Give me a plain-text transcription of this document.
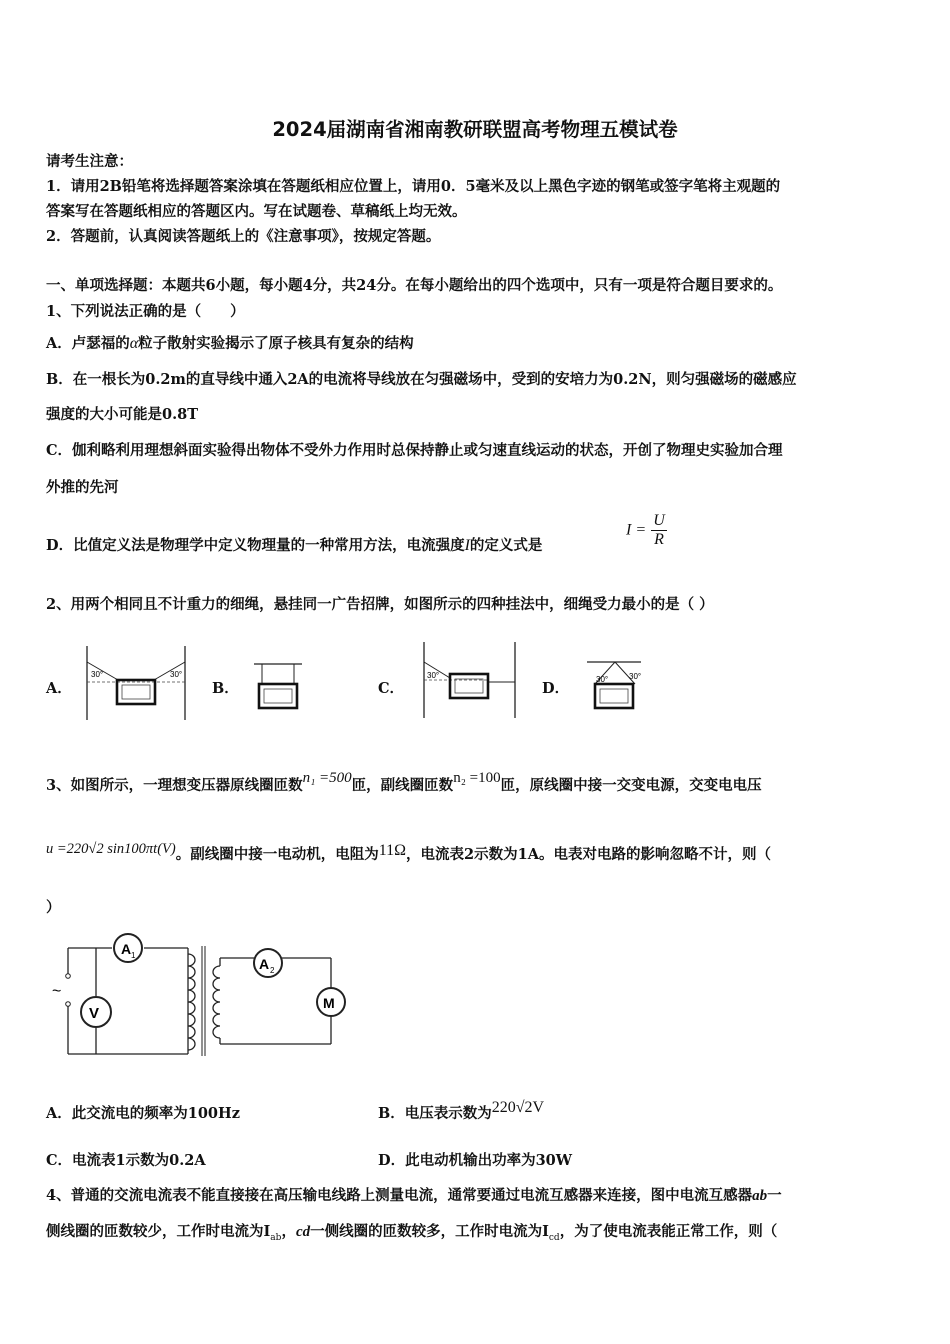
2024届湖南省湘南教研联盟高考物理五模试卷
请考生注意：
1．请用2B铅笔将选择题答案涂填在答题纸相应位置上，请用0．5毫米及以上黑色字迹的钢笔或签字笔将主观题的
答案写在答题纸相应的答题区内。写在试题卷、草稿纸上均无效。
2．答题前，认真阅读答题纸上的《注意事项》，按规定答题。
一、单项选择题：本题共6小题，每小题4分，共24分。在每小题给出的四个选项中，只有一项是符合题目要求的。
1、下列说法正确的是（　　）
A．卢瑟福的α粒子散射实验揭示了原子核具有复杂的结构
B．在一根长为0.2m的直导线中通入2A的电流将导线放在匀强磁场中，受到的安培力为0.2N，则匀强磁场的磁感应
强度的大小可能是0.8T
C．伽利略利用理想斜面实验得出物体不受外力作用时总保持静止或匀速直线运动的状态，开创了物理史实验加合理
外推的先河
D．比值定义法是物理学中定义物理量的一种常用方法，电流强度I的定义式是
$I = \frac{U}{R}$
2、用两个相同且不计重力的细绳，悬挂同一广告招牌，如图所示的四种挂法中，细绳受力最小的是（ ）
A．	B．	C．	D．
30°	30°	30°	30°	30°
3、如图所示，一理想变压器原线圈匝数n₁ =500匝，副线圈匝数n₂ =100匝，原线圈中接一交变电源，交变电电压
u =220√2 sin100πt(V)。副线圈中接一电动机，电阻为11Ω，电流表2示数为1A。电表对电路的影响忽略不计，则（
）
~
A 1
V
A 2
M
A．此交流电的频率为100Hz	B．电压表示数为220√2V
C．电流表1示数为0.2A	D．此电动机输出功率为30W
4、普通的交流电流表不能直接接在高压输电线路上测量电流，通常要通过电流互感器来连接，图中电流互感器ab一
侧线圈的匝数较少，工作时电流为$I_{ab}$，cd一侧线圈的匝数较多，工作时电流为$I_{cd}$，为了使电流表能正常工作，则（
